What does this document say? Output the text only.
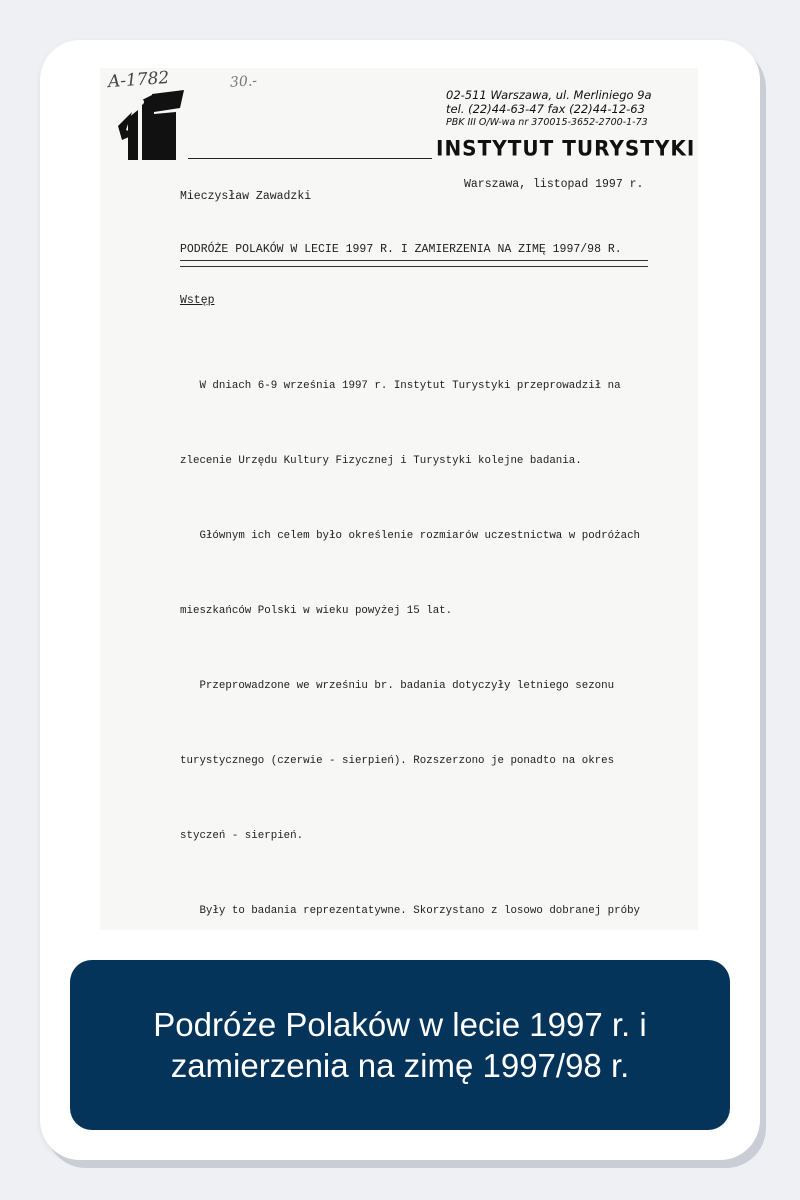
A-1782	30.-
02-511 Warszawa, ul. Merliniego 9a
tel. (22)44-63-47 fax (22)44-12-63
PBK III O/W-wa nr 370015-3652-2700-1-73
INSTYTUT TURYSTYKI
Warszawa, listopad 1997 r.
Mieczysław Zawadzki
PODRÓŻE POLAKÓW W LECIE 1997 R. I ZAMIERZENIA NA ZIMĘ 1997/98 R.
Wstęp

W dniach 6-9 września 1997 r. Instytut Turystyki przeprowadził na

zlecenie Urzędu Kultury Fizycznej i Turystyki kolejne badania.

Głównym ich celem było określenie rozmiarów uczestnictwa w podróżach

mieszkańców Polski w wieku powyżej 15 lat.

Przeprowadzone we wrześniu br. badania dotyczyły letniego sezonu

turystycznego (czerwie - sierpień). Rozszerzono je ponadto na okres

styczeń - sierpień.

Były to badania reprezentatywne. Skorzystano z losowo dobranej próby

Podróże Polaków w lecie 1997 r. i zamierzenia na zimę 1997/98 r.
